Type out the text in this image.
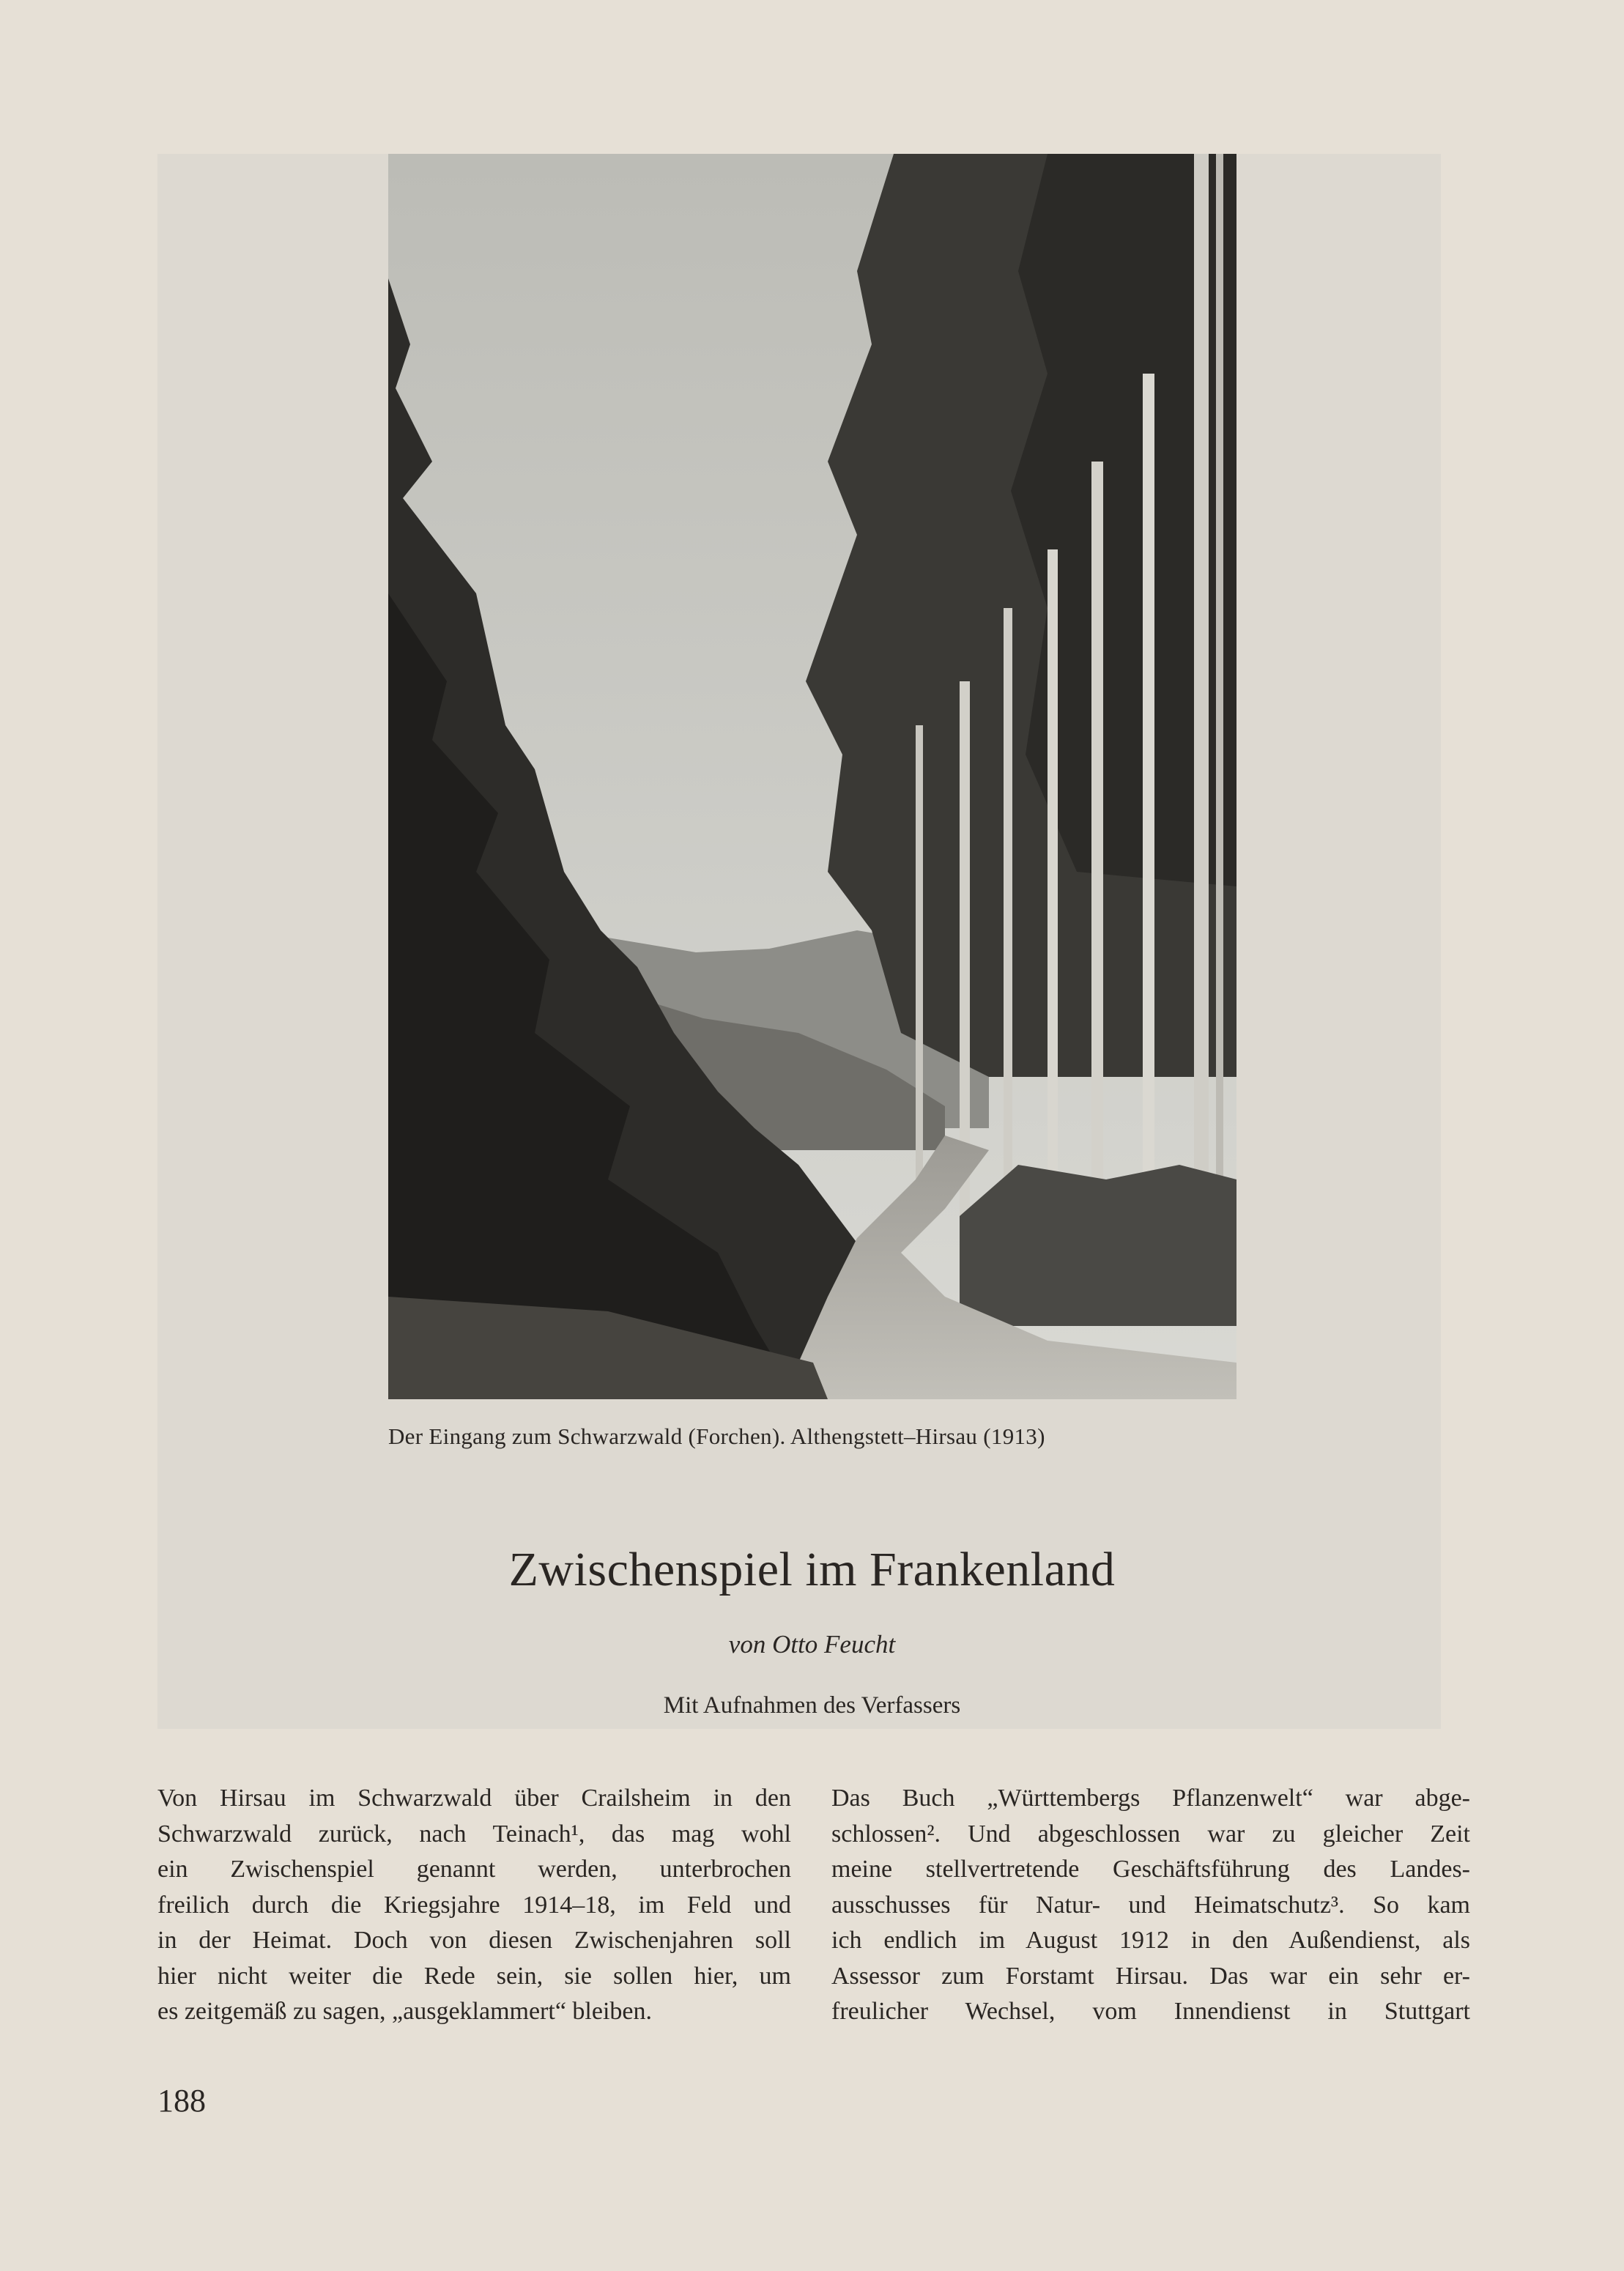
Der Eingang zum Schwarzwald (Forchen). Althengstett–Hirsau (1913)
Zwischenspiel im Frankenland
von Otto Feucht
Mit Aufnahmen des Verfassers
Von Hirsau im Schwarzwald über Crailsheim in den
Schwarzwald zurück, nach Teinach¹, das mag wohl
ein Zwischenspiel genannt werden, unterbrochen
freilich durch die Kriegsjahre 1914–18, im Feld und
in der Heimat. Doch von diesen Zwischenjahren soll
hier nicht weiter die Rede sein, sie sollen hier, um
es zeitgemäß zu sagen, „ausgeklammert“ bleiben.
Das Buch „Württembergs Pflanzenwelt“ war abge-
schlossen². Und abgeschlossen war zu gleicher Zeit
meine stellvertretende Geschäftsführung des Landes-
ausschusses für Natur- und Heimatschutz³. So kam
ich endlich im August 1912 in den Außendienst, als
Assessor zum Forstamt Hirsau. Das war ein sehr er-
freulicher Wechsel, vom Innendienst in Stuttgart
188
